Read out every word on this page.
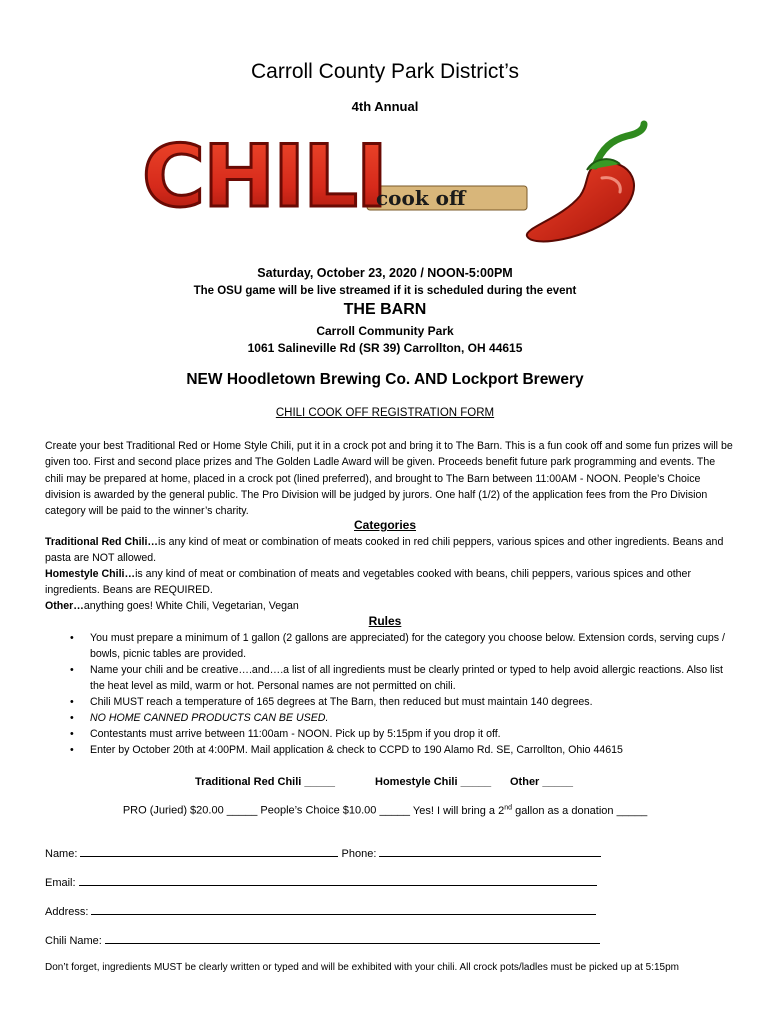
Carroll County Park District’s
4th Annual
CHILI
cook off
Saturday, October 23, 2020 / NOON-5:00PM
The OSU game will be live streamed if it is scheduled during the event
THE BARN
Carroll Community Park
1061 Salineville Rd (SR 39) Carrollton, OH 44615
NEW Hoodletown Brewing Co. AND Lockport Brewery
CHILI COOK OFF REGISTRATION FORM
Create your best Traditional Red or Home Style Chili, put it in a crock pot and bring it to The Barn. This is a fun cook off and some fun prizes will be given too. First and second place prizes and The Golden Ladle Award will be given. Proceeds benefit future park programming and events. The chili may be prepared at home, placed in a crock pot (lined preferred), and brought to The Barn between 11:00AM - NOON. People’s Choice division is awarded by the general public. The Pro Division will be judged by jurors. One half (1/2) of the application fees from the Pro Division category will be paid to the winner’s charity.
Categories

Traditional Red Chili…is any kind of meat or combination of meats cooked in red chili peppers, various spices and other ingredients. Beans and pasta are NOT allowed.

Homestyle Chili…is any kind of meat or combination of meats and vegetables cooked with beans, chili peppers, various spices and other ingredients. Beans are REQUIRED.

Other…anything goes! White Chili, Vegetarian, Vegan

Rules
• You must prepare a minimum of 1 gallon (2 gallons are appreciated) for the category you choose below. Extension cords, serving cups / bowls, picnic tables are provided.
• Name your chili and be creative….and….a list of all ingredients must be clearly printed or typed to help avoid allergic reactions. Also list the heat level as mild, warm or hot. Personal names are not permitted on chili.
• Chili MUST reach a temperature of 165 degrees at The Barn, then reduced but must maintain 140 degrees.
• NO HOME CANNED PRODUCTS CAN BE USED.
• Contestants must arrive between 11:00am - NOON. Pick up by 5:15pm if you drop it off.
• Enter by October 20th at 4:00PM. Mail application & check to CCPD to 190 Alamo Rd. SE, Carrollton, Ohio 44615
Traditional Red Chili _____	Homestyle Chili _____ Other _____
PRO (Juried) $20.00 _____ People’s Choice $10.00 _____ Yes! I will bring a 2nd gallon as a donation _____
Name:	Phone:
Email:
Address:
Chili Name:
Don’t forget, ingredients MUST be clearly written or typed and will be exhibited with your chili. All crock pots/ladles must be picked up at 5:15pm
